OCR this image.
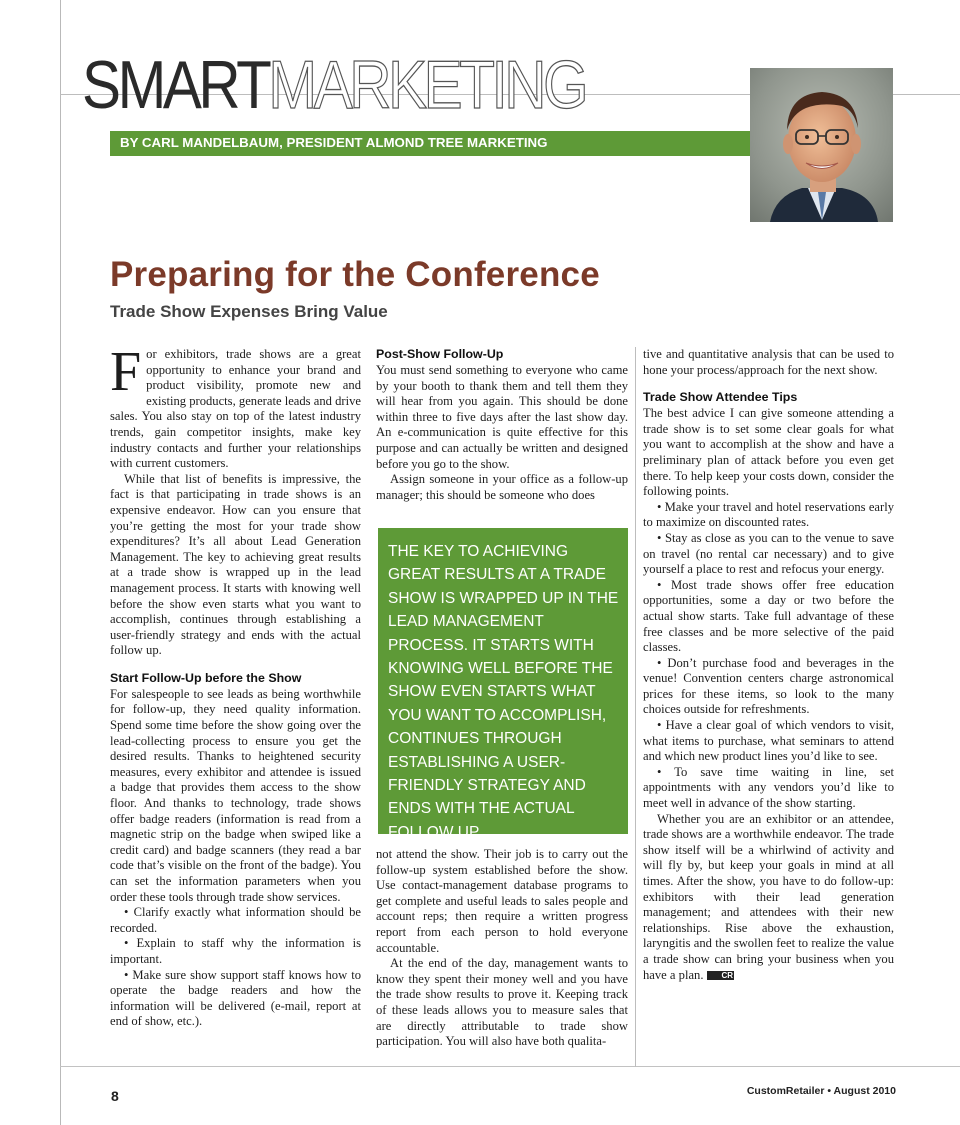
SMARTMARKETING
BY CARL MANDELBAUM, PRESIDENT ALMOND TREE MARKETING
Preparing for the Conference
Trade Show Expenses Bring Value

For exhibitors, trade shows are a great opportunity to enhance your brand and product visibility, promote new and existing products, generate leads and drive sales. You also stay on top of the latest industry trends, gain competitor insights, make key industry contacts and further your relationships with current customers.

While that list of benefits is impressive, the fact is that participating in trade shows is an expensive endeavor. How can you ensure that you’re getting the most for your trade show expenditures? It’s all about Lead Generation Management. The key to achieving great results at a trade show is wrapped up in the lead management process. It starts with knowing well before the show even starts what you want to accomplish, continues through establishing a user-friendly strategy and ends with the actual follow up.

Start Follow-Up before the Show

For salespeople to see leads as being worthwhile for follow-up, they need quality information. Spend some time before the show going over the lead-collecting process to ensure you get the desired results. Thanks to heightened security measures, every exhibitor and attendee is issued a badge that provides them access to the show floor. And thanks to technology, trade shows offer badge readers (information is read from a magnetic strip on the badge when swiped like a credit card) and badge scanners (they read a bar code that’s visible on the front of the badge). You can set the information parameters when you order these tools through trade show services.

• Clarify exactly what information should be recorded.

• Explain to staff why the information is important.

• Make sure show support staff knows how to operate the badge readers and how the information will be delivered (e-mail, report at end of show, etc.).

Post-Show Follow-Up

You must send something to everyone who came by your booth to thank them and tell them they will hear from you again. This should be done within three to five days after the last show day. An e-communication is quite effective for this purpose and can actually be written and designed before you go to the show.

Assign someone in your office as a follow-up manager; this should be someone who does

THE KEY TO ACHIEVING GREAT RESULTS AT A TRADE SHOW IS WRAPPED UP IN THE LEAD MANAGEMENT PROCESS. IT STARTS WITH KNOWING WELL BEFORE THE SHOW EVEN STARTS WHAT YOU WANT TO ACCOMPLISH, CONTINUES THROUGH ESTABLISHING A USER-FRIENDLY STRATEGY AND ENDS WITH THE ACTUAL FOLLOW UP.

not attend the show. Their job is to carry out the follow-up system established before the show. Use contact-management database programs to get complete and useful leads to sales people and account reps; then require a written progress report from each person to hold everyone accountable.

At the end of the day, management wants to know they spent their money well and you have the trade show results to prove it. Keeping track of these leads allows you to measure sales that are directly attributable to trade show participation. You will also have both qualita-

tive and quantitative analysis that can be used to hone your process/approach for the next show.

Trade Show Attendee Tips

The best advice I can give someone attending a trade show is to set some clear goals for what you want to accomplish at the show and have a preliminary plan of attack before you even get there. To help keep your costs down, consider the following points.

• Make your travel and hotel reservations early to maximize on discounted rates.

• Stay as close as you can to the venue to save on travel (no rental car necessary) and to give yourself a place to rest and refocus your energy.

• Most trade shows offer free education opportunities, some a day or two before the actual show starts. Take full advantage of these free classes and be more selective of the paid classes.

• Don’t purchase food and beverages in the venue! Convention centers charge astronomical prices for these items, so look to the many choices outside for refreshments.

• Have a clear goal of which vendors to visit, what items to purchase, what seminars to attend and which new product lines you’d like to see.

• To save time waiting in line, set appointments with any vendors you’d like to meet well in advance of the show starting.

Whether you are an exhibitor or an attendee, trade shows are a worthwhile endeavor. The trade show itself will be a whirlwind of activity and will fly by, but keep your goals in mind at all times. After the show, you have to do follow-up: exhibitors with their lead generation management; and attendees with their new relationships. Rise above the exhaustion, laryngitis and the swollen feet to realize the value a trade show can bring your business when you have a plan. CR

8	CustomRetailer • August 2010
